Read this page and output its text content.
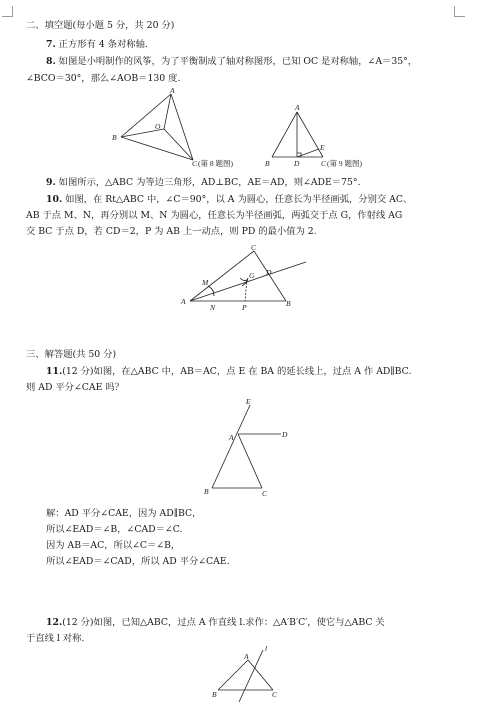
二、填空题(每小题 5 分，共 20 分)
7. 正方形有 4 条对称轴.
8. 如图是小明制作的风筝，为了平衡制成了轴对称图形，已知 OC 是对称轴，∠A＝35°，
∠BCO＝30°，那么∠AOB＝130 度.
A
B
O
C (第 8 题图)
A
B	D	C
E
(第 9 题图)
9. 如图所示，△ABC 为等边三角形，AD⊥BC，AE＝AD，则∠ADE＝75°.
10. 如图，在 Rt△ABC 中，∠C＝90°，以 A 为圆心，任意长为半径画弧，分别交 AC、
AB 于点 M、N，再分别以 M、N 为圆心，任意长为半径画弧，两弧交于点 G，作射线 AG
交 BC 于点 D，若 CD＝2，P 为 AB 上一动点，则 PD 的最小值为 2.
A
M
N
G D
C
P	B
三、解答题(共 50 分)
11.(12 分)如图，在△ABC 中，AB＝AC，点 E 在 BA 的延长线上，过点 A 作 AD∥BC.
则 AD 平分∠CAE 吗？
E
A	D
B	C
解：AD 平分∠CAE，因为 AD∥BC，
所以∠EAD＝∠B，∠CAD＝∠C.
因为 AB＝AC，所以∠C＝∠B，
所以∠EAD＝∠CAD，所以 AD 平分∠CAE.
12.(12 分)如图，已知△ABC，过点 A 作直线 l.求作：△A′B′C′，使它与△ABC 关
于直线 l 对称.
A
l
B	C
